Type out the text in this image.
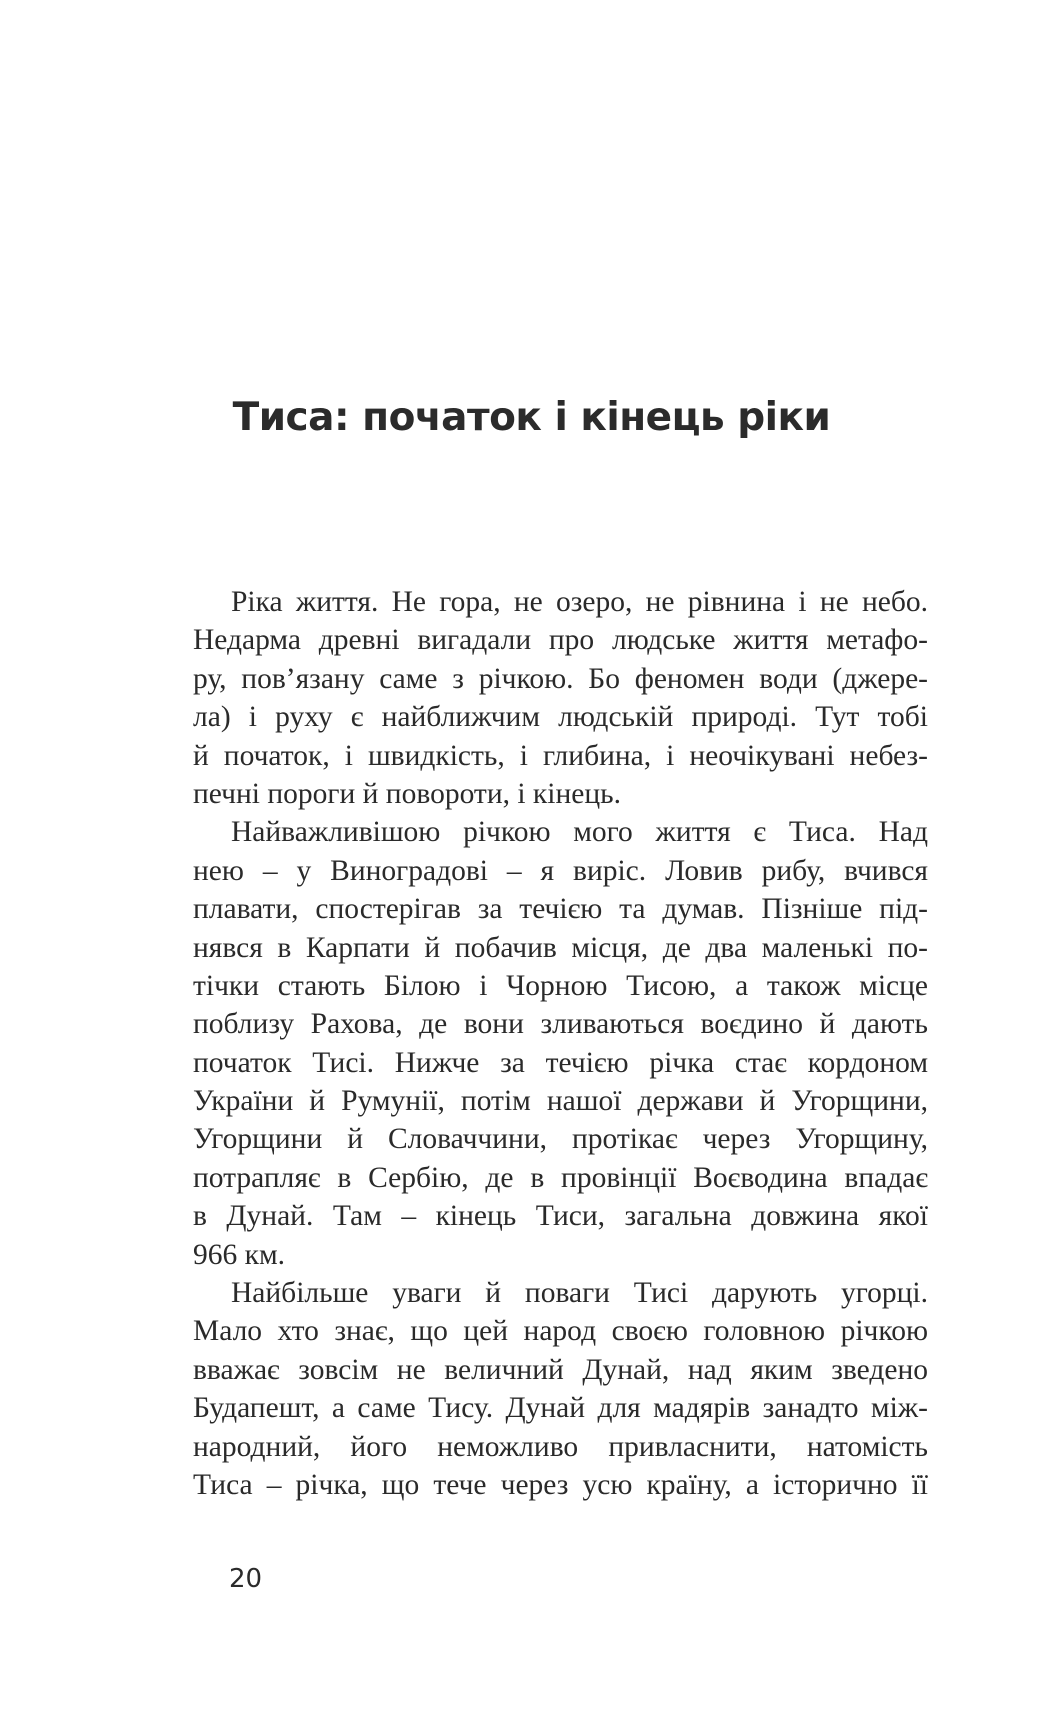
Тиса: початок і кінець ріки
Ріка життя. Не гора, не озеро, не рівнина і не небо.
Недарма древні вигадали про людське життя метафо-
ру, пов’язану саме з річкою. Бо феномен води (джере-
ла) і руху є найближчим людській природі. Тут тобі
й початок, і швидкість, і глибина, і неочікувані небез-
печні пороги й повороти, і кінець.
Найважливішою річкою мого життя є Тиса. Над
нею – у Виноградові – я виріс. Ловив рибу, вчився
плавати, спостерігав за течією та думав. Пізніше під-
нявся в Карпати й побачив місця, де два маленькі по-
тічки стають Білою і Чорною Тисою, а також місце
поблизу Рахова, де вони зливаються воєдино й дають
початок Тисі. Нижче за течією річка стає кордоном
України й Румунії, потім нашої держави й Угорщини,
Угорщини й Словаччини, протікає через Угорщину,
потрапляє в Сербію, де в провінції Воєводина впадає
в Дунай. Там – кінець Тиси, загальна довжина якої
966 км.
Найбільше уваги й поваги Тисі дарують угорці.
Мало хто знає, що цей народ своєю головною річкою
вважає зовсім не величний Дунай, над яким зведено
Будапешт, а саме Тису. Дунай для мадярів занадто між-
народний, його неможливо привласнити, натомість
Тиса – річка, що тече через усю країну, а історично її
20
